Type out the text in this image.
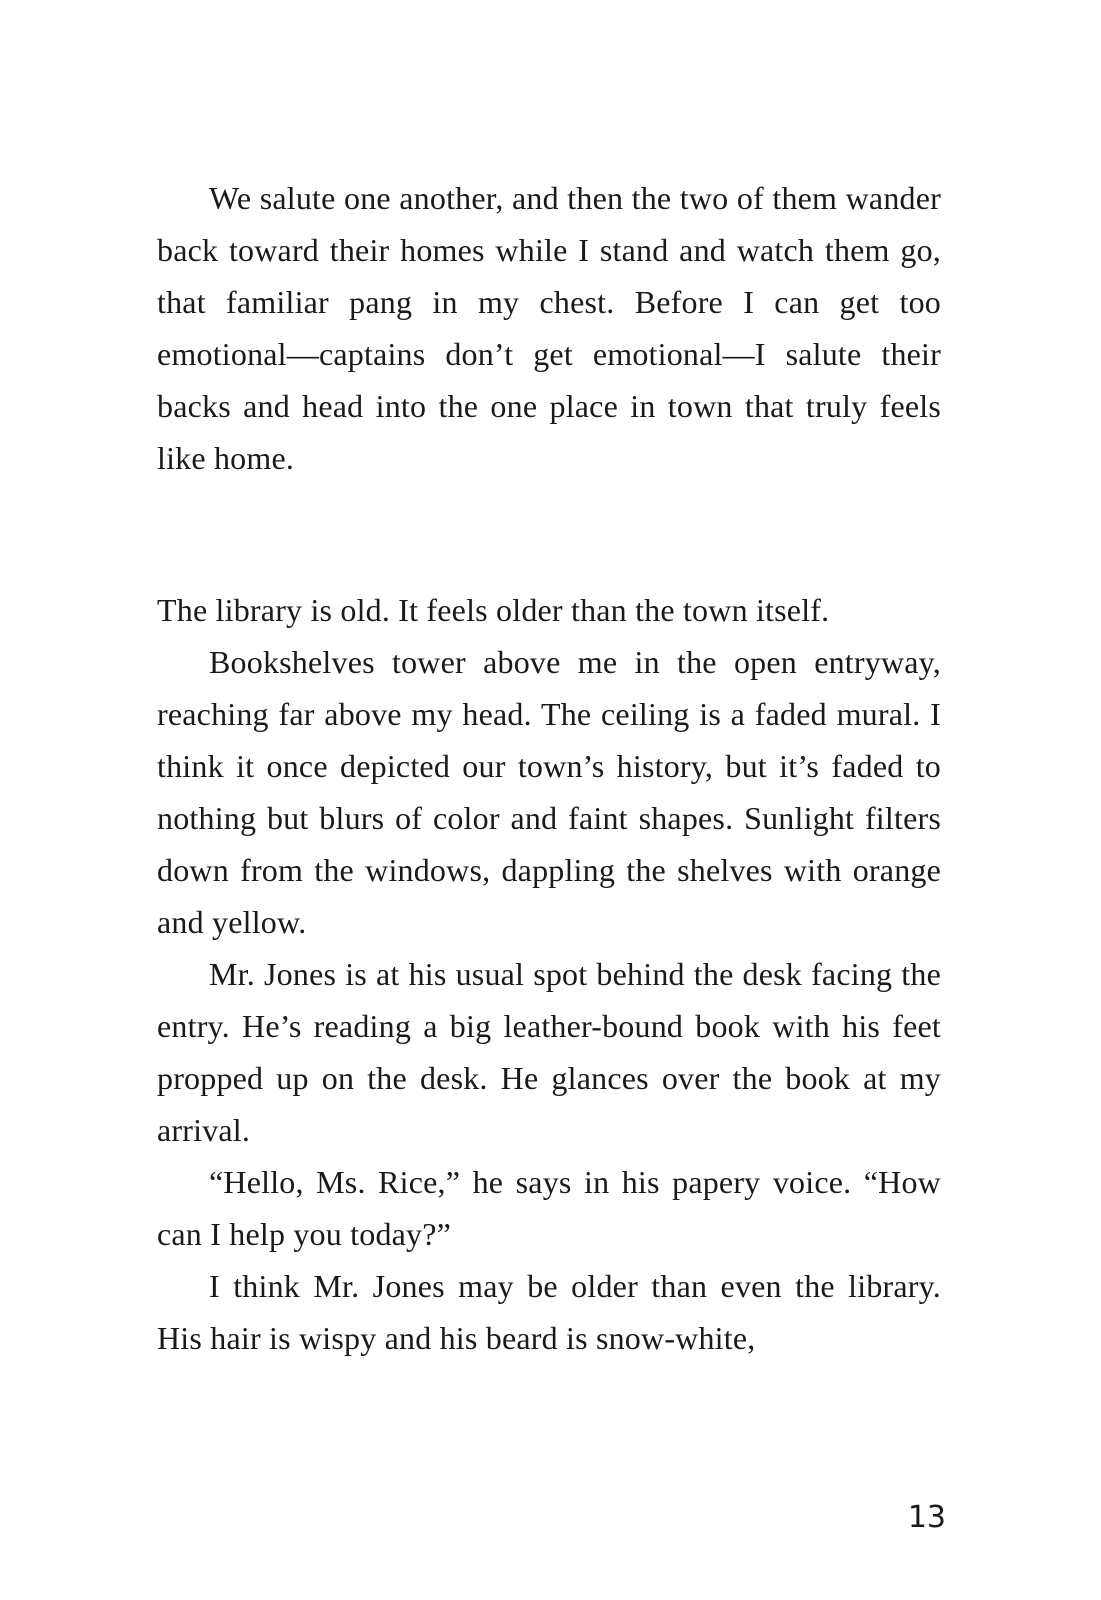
We salute one another, and then the two of them wander back toward their homes while I stand and watch them go, that familiar pang in my chest. Before I can get too emotional—captains don’t get emotional—I salute their backs and head into the one place in town that truly feels like home.

The library is old. It feels older than the town itself.

Bookshelves tower above me in the open entryway, reaching far above my head. The ceiling is a faded mural. I think it once depicted our town’s history, but it’s faded to nothing but blurs of color and faint shapes. Sunlight filters down from the windows, dappling the shelves with orange and yellow.

Mr. Jones is at his usual spot behind the desk facing the entry. He’s reading a big leather-bound book with his feet propped up on the desk. He glances over the book at my arrival.

“Hello, Ms. Rice,” he says in his papery voice. “How can I help you today?”

I think Mr. Jones may be older than even the library. His hair is wispy and his beard is snow-white,

13
